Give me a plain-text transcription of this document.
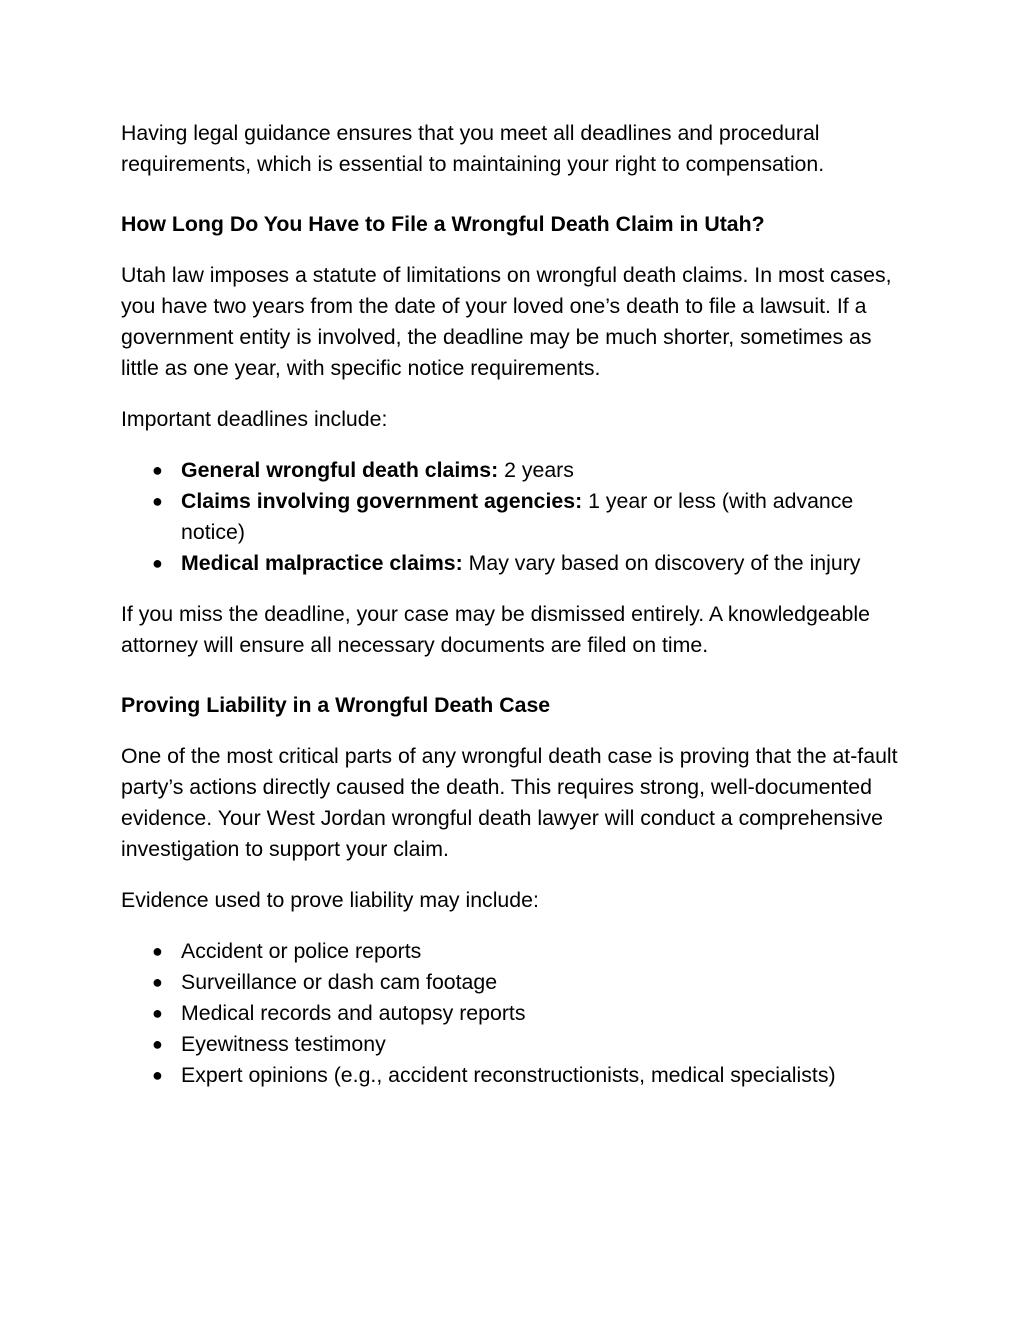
Having legal guidance ensures that you meet all deadlines and procedural requirements, which is essential to maintaining your right to compensation.

How Long Do You Have to File a Wrongful Death Claim in Utah?

Utah law imposes a statute of limitations on wrongful death claims. In most cases, you have two years from the date of your loved one’s death to file a lawsuit. If a government entity is involved, the deadline may be much shorter, sometimes as little as one year, with specific notice requirements.

Important deadlines include:

● General wrongful death claims: 2 years
● Claims involving government agencies: 1 year or less (with advance notice)
● Medical malpractice claims: May vary based on discovery of the injury

If you miss the deadline, your case may be dismissed entirely. A knowledgeable attorney will ensure all necessary documents are filed on time.

Proving Liability in a Wrongful Death Case

One of the most critical parts of any wrongful death case is proving that the at-fault party’s actions directly caused the death. This requires strong, well-documented evidence. Your West Jordan wrongful death lawyer will conduct a comprehensive investigation to support your claim.

Evidence used to prove liability may include:

● Accident or police reports
● Surveillance or dash cam footage
● Medical records and autopsy reports
● Eyewitness testimony
● Expert opinions (e.g., accident reconstructionists, medical specialists)
